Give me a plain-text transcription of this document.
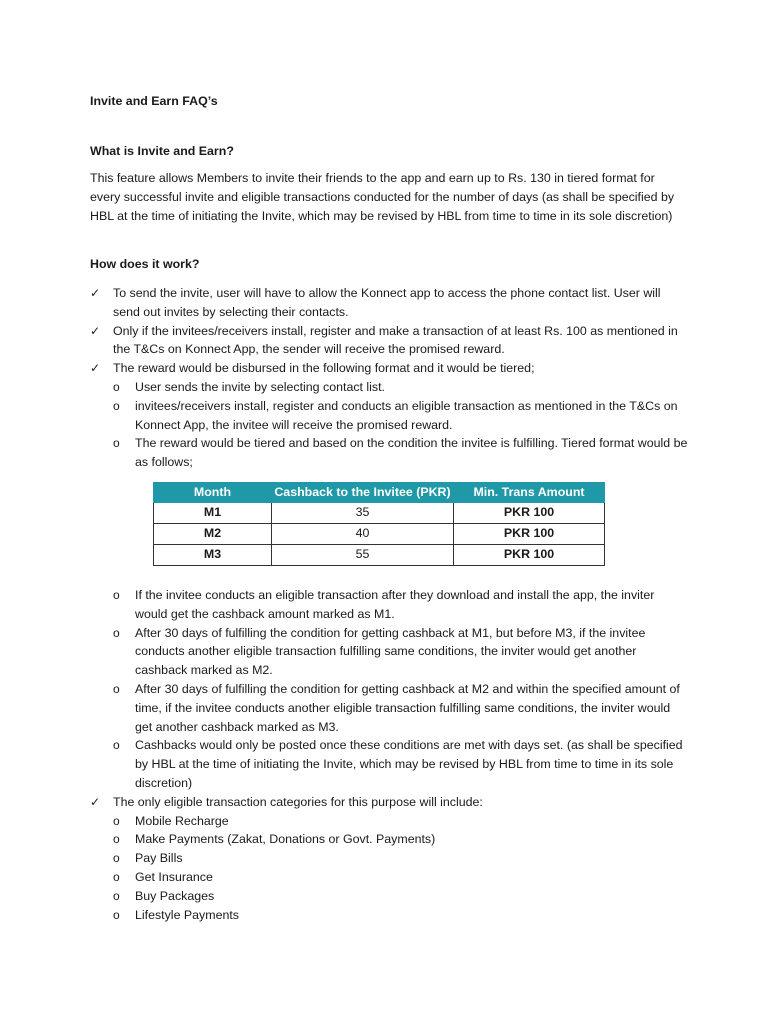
Invite and Earn FAQ’s
What is Invite and Earn?
This feature allows Members to invite their friends to the app and earn up to Rs. 130 in tiered format for every successful invite and eligible transactions conducted for the number of days (as shall be specified by HBL at the time of initiating the Invite, which may be revised by HBL from time to time in its sole discretion)
How does it work?
✓ To send the invite, user will have to allow the Konnect app to access the phone contact list. User will send out invites by selecting their contacts.
✓ Only if the invitees/receivers install, register and make a transaction of at least Rs. 100 as mentioned in the T&Cs on Konnect App, the sender will receive the promised reward.
✓ The reward would be disbursed in the following format and it would be tiered;
o User sends the invite by selecting contact list.
o invitees/receivers install, register and conducts an eligible transaction as mentioned in the T&Cs on Konnect App, the invitee will receive the promised reward.
o The reward would be tiered and based on the condition the invitee is fulfilling. Tiered format would be as follows;
Month	Cashback to the Invitee (PKR)	Min. Trans Amount
M1	35	PKR 100
M2	40	PKR 100
M3	55	PKR 100
o If the invitee conducts an eligible transaction after they download and install the app, the inviter would get the cashback amount marked as M1.
o After 30 days of fulfilling the condition for getting cashback at M1, but before M3, if the invitee conducts another eligible transaction fulfilling same conditions, the inviter would get another cashback marked as M2.
o After 30 days of fulfilling the condition for getting cashback at M2 and within the specified amount of time, if the invitee conducts another eligible transaction fulfilling same conditions, the inviter would get another cashback marked as M3.
o Cashbacks would only be posted once these conditions are met with days set. (as shall be specified by HBL at the time of initiating the Invite, which may be revised by HBL from time to time in its sole discretion)
✓ The only eligible transaction categories for this purpose will include:
o Mobile Recharge
o Make Payments (Zakat, Donations or Govt. Payments)
o Pay Bills
o Get Insurance
o Buy Packages
o Lifestyle Payments
